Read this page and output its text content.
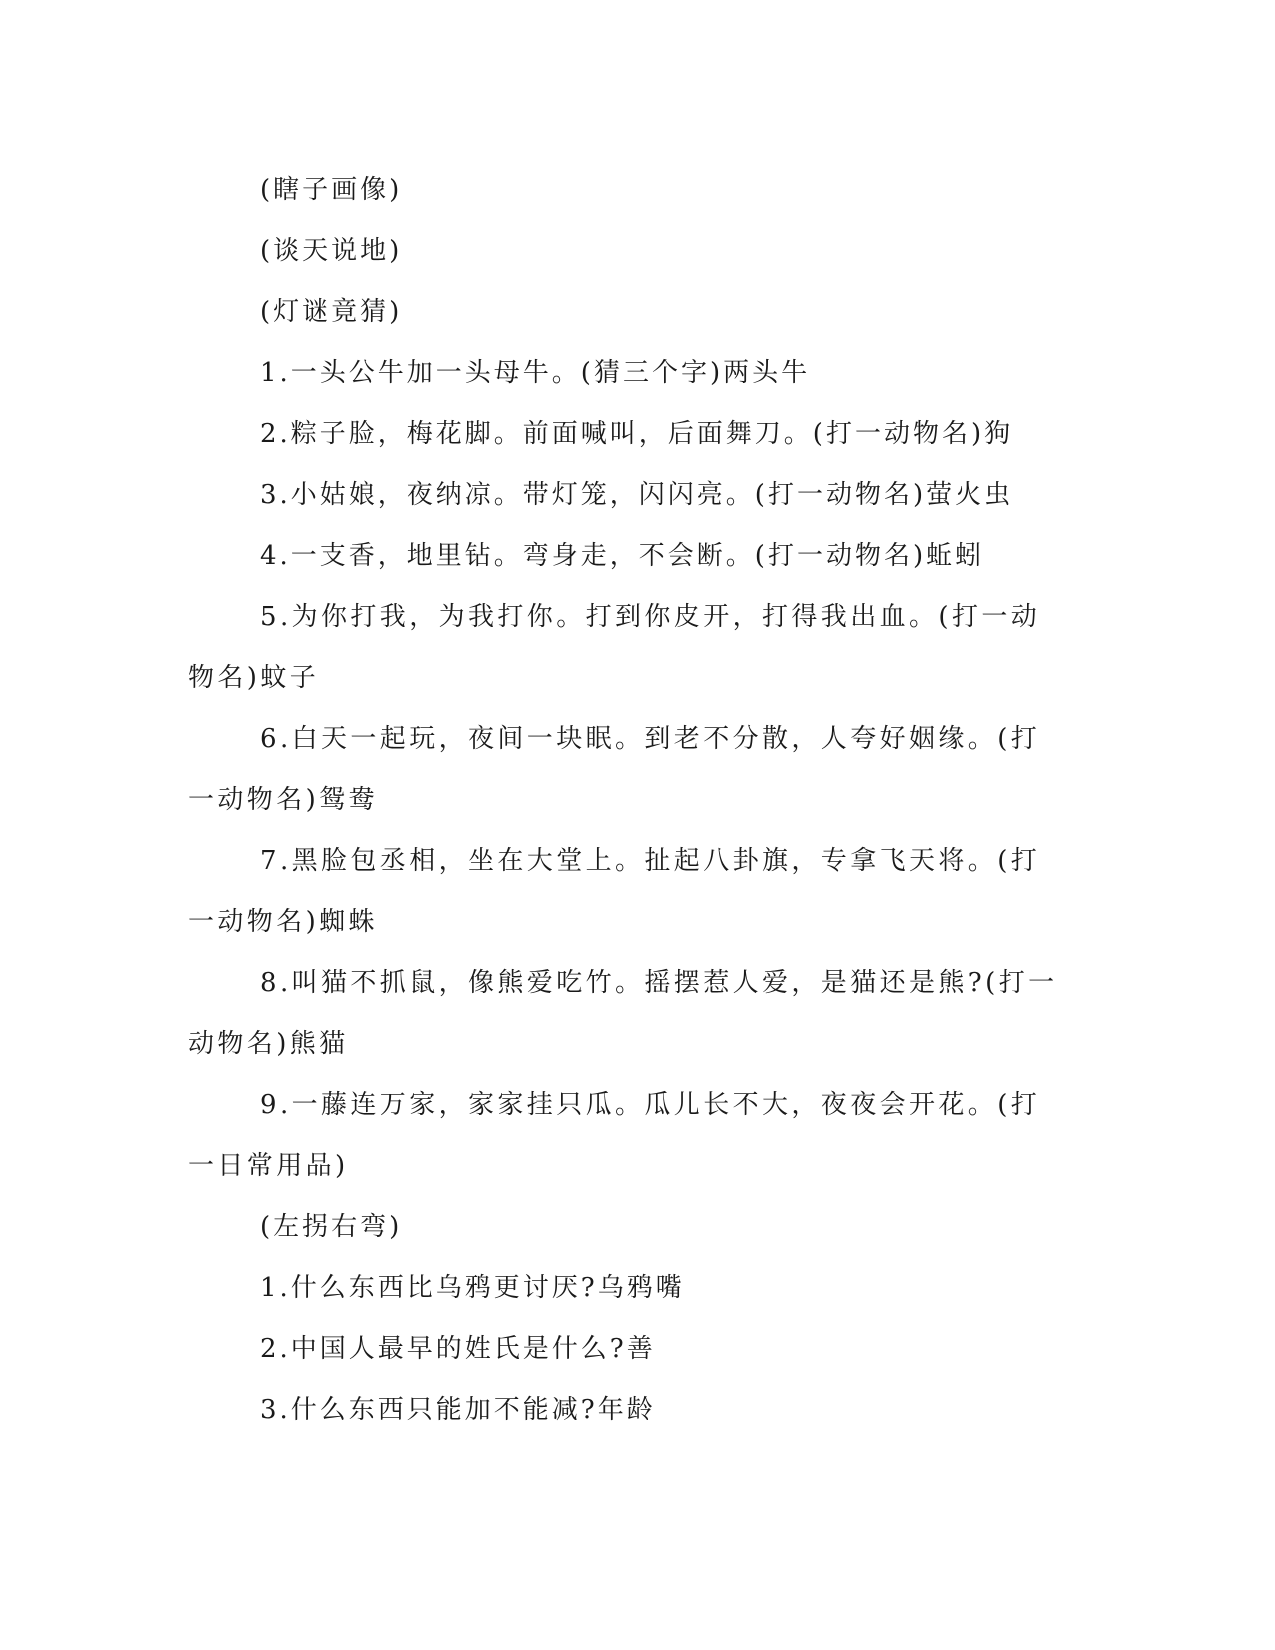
(瞎子画像)

(谈天说地)

(灯谜竟猜)

1.一头公牛加一头母牛。(猜三个字)两头牛

2.粽子脸，梅花脚。前面喊叫，后面舞刀。(打一动物名)狗

3.小姑娘，夜纳凉。带灯笼，闪闪亮。(打一动物名)萤火虫

4.一支香，地里钻。弯身走，不会断。(打一动物名)蚯蚓

5.为你打我，为我打你。打到你皮开，打得我出血。(打一动物名)蚊子

6.白天一起玩，夜间一块眠。到老不分散，人夸好姻缘。(打一动物名)鸳鸯

7.黑脸包丞相，坐在大堂上。扯起八卦旗，专拿飞天将。(打一动物名)蜘蛛

8.叫猫不抓鼠，像熊爱吃竹。摇摆惹人爱，是猫还是熊?(打一动物名)熊猫

9.一藤连万家，家家挂只瓜。瓜儿长不大，夜夜会开花。(打一日常用品)

(左拐右弯)

1.什么东西比乌鸦更讨厌?乌鸦嘴

2.中国人最早的姓氏是什么?善

3.什么东西只能加不能减?年龄
